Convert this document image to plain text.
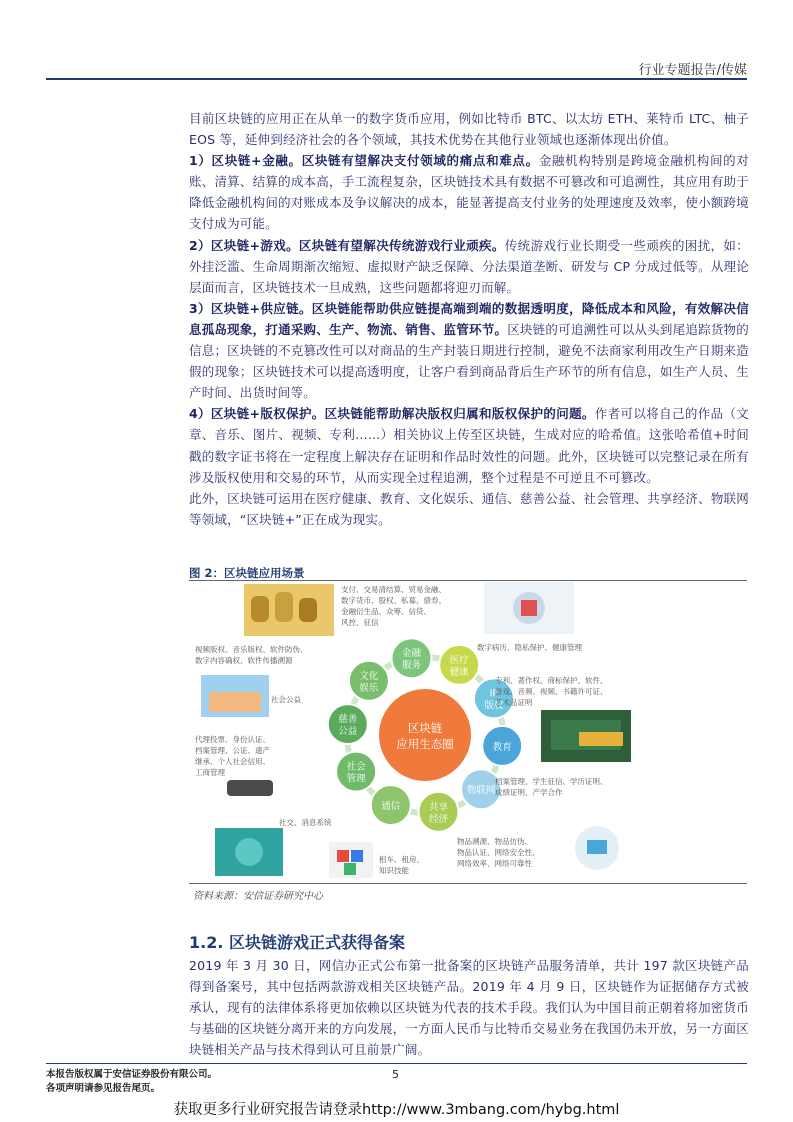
行业专题报告/传媒

目前区块链的应用正在从单一的数字货币应用，例如比特币 BTC、以太坊 ETH、莱特币 LTC、柚子 EOS 等，延伸到经济社会的各个领域，其技术优势在其他行业领域也逐渐体现出价值。

1）区块链+金融。区块链有望解决支付领域的痛点和难点。金融机构特别是跨境金融机构间的对账、清算、结算的成本高，手工流程复杂，区块链技术具有数据不可篡改和可追溯性，其应用有助于降低金融机构间的对账成本及争议解决的成本，能显著提高支付业务的处理速度及效率，使小额跨境支付成为可能。

2）区块链+游戏。区块链有望解决传统游戏行业顽疾。传统游戏行业长期受一些顽疾的困扰，如：外挂泛滥、生命周期渐次缩短、虚拟财产缺乏保障、分法渠道垄断、研发与 CP 分成过低等。从理论层面而言，区块链技术一旦成熟，这些问题都将迎刃而解。

3）区块链+供应链。区块链能帮助供应链提高端到端的数据透明度，降低成本和风险，有效解决信息孤岛现象，打通采购、生产、物流、销售、监管环节。区块链的可追溯性可以从头到尾追踪货物的信息；区块链的不克篡改性可以对商品的生产封装日期进行控制，避免不法商家利用改生产日期来造假的现象；区块链技术可以提高透明度，让客户看到商品背后生产环节的所有信息，如生产人员、生产时间、出货时间等。

4）区块链+版权保护。区块链能帮助解决版权归属和版权保护的问题。作者可以将自己的作品（文章、音乐、图片、视频、专利……）相关协议上传至区块链，生成对应的哈希值。这张哈希值+时间戳的数字证书将在一定程度上解决存在证明和作品时效性的问题。此外，区块链可以完整记录在所有涉及版权使用和交易的环节，从而实现全过程追溯，整个过程是不可逆且不可篡改。

此外，区块链可运用在医疗健康、教育、文化娱乐、通信、慈善公益、社会管理、共享经济、物联网等领域，“区块链+”正在成为现实。

图 2：区块链应用场景
金融
服务	医疗
健康
IP
版权
教育
物联网
共享
经济
通信
社会
管理
慈善
公益
文化
娱乐
区块链
应用生态圈
支付、交易清结算、贸易金融、
数字货币、股权、私募、债券、
金融衍生品、众筹、信贷、
风控、征信
数字病历、隐私保护、健康管理
专利、著作权、商标保护、软件、
游戏、音频、视频、书籍许可证、
艺术品证明
档案管理、学生征信、学历证明、
成绩证明、产学合作
物品溯源、物品仿伪、
物品认证、网络安全性、
网络效率、网络可靠性
租车、租房、
知识技能
社交、消息系统
代理投票、身份认证、
档案管理、公证、遗产
继承、个人社会信用、
工商管理
社会公益
视频版权、音乐版权、软件防伪、
数字内容确权、软件传播溯源
资料来源：安信证券研究中心
1.2. 区块链游戏正式获得备案

2019 年 3 月 30 日，网信办正式公布第一批备案的区块链产品服务清单，共计 197 款区块链产品得到备案号，其中包括两款游戏相关区块链产品。2019 年 4 月 9 日，区块链作为证据储存方式被承认，现有的法律体系将更加依赖以区块链为代表的技术手段。我们认为中国目前正朝着将加密货币与基础的区块链分离开来的方向发展，一方面人民币与比特币交易业务在我国仍未开放，另一方面区块链相关产品与技术得到认可且前景广阔。

本报告版权属于安信证券股份有限公司。
各项声明请参见报告尾页。
5
获取更多行业研究报告请登录http://www.3mbang.com/hybg.html
